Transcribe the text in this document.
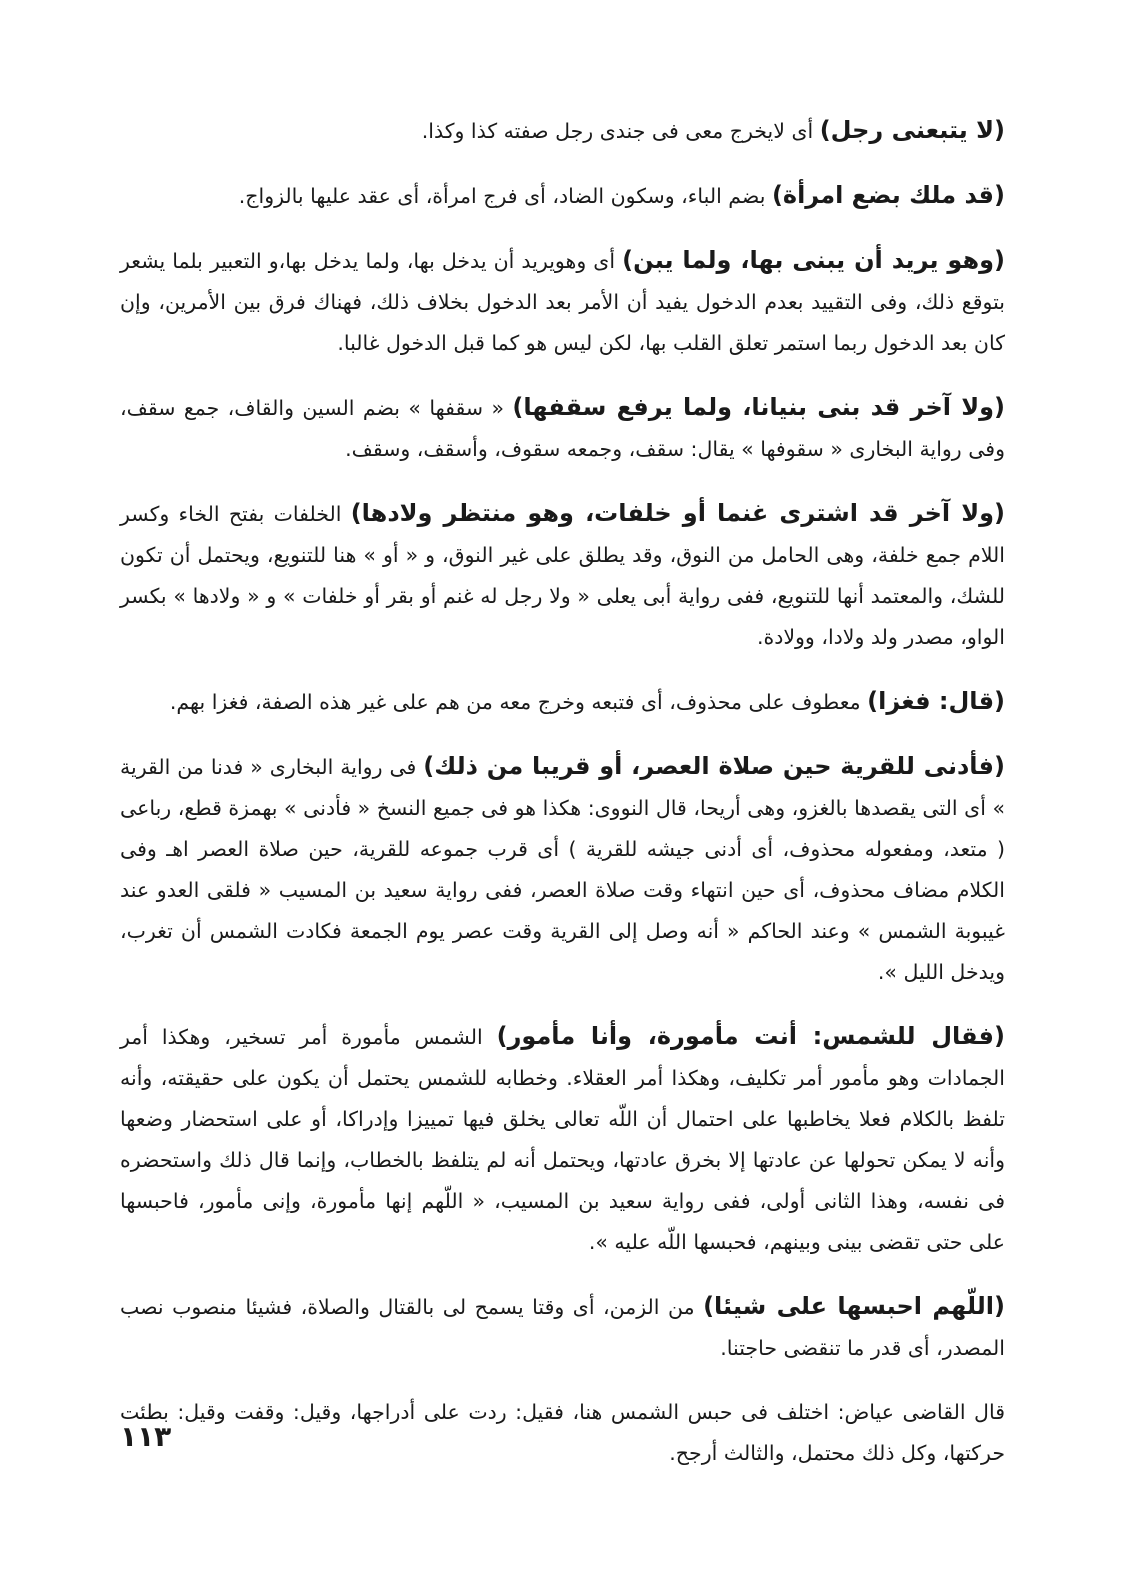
(لا يتبعنى رجل) أى لايخرج معى فى جندى رجل صفته كذا وكذا.

(قد ملك بضع امرأة) بضم الباء، وسكون الضاد، أى فرج امرأة، أى عقد عليها بالزواج.

(وهو يريد أن يبنى بها، ولما يبن) أى وهويريد أن يدخل بها، ولما يدخل بها،و التعبير بلما يشعر بتوقع ذلك، وفى التقييد بعدم الدخول يفيد أن الأمر بعد الدخول بخلاف ذلك، فهناك فرق بين الأمرين، وإن كان بعد الدخول ربما استمر تعلق القلب بها، لكن ليس هو كما قبل الدخول غالبا.

(ولا آخر قد بنى بنيانا، ولما يرفع سقفها) « سقفها » بضم السين والقاف، جمع سقف، وفى رواية البخارى « سقوفها » يقال: سقف، وجمعه سقوف، وأسقف، وسقف.

(ولا آخر قد اشترى غنما أو خلفات، وهو منتظر ولادها) الخلفات بفتح الخاء وكسر اللام جمع خلفة، وهى الحامل من النوق، وقد يطلق على غير النوق، و « أو » هنا للتنويع، ويحتمل أن تكون للشك، والمعتمد أنها للتنويع، ففى رواية أبى يعلى « ولا رجل له غنم أو بقر أو خلفات » و « ولادها » بكسر الواو، مصدر ولد ولادا، وولادة.

(قال: فغزا) معطوف على محذوف، أى فتبعه وخرج معه من هم على غير هذه الصفة، فغزا بهم.

(فأدنى للقرية حين صلاة العصر، أو قريبا من ذلك) فى رواية البخارى « فدنا من القرية » أى التى يقصدها بالغزو، وهى أريحا، قال النووى: هكذا هو فى جميع النسخ « فأدنى » بهمزة قطع، رباعى ( متعد، ومفعوله محذوف، أى أدنى جيشه للقرية ) أى قرب جموعه للقرية، حين صلاة العصر اهـ وفى الكلام مضاف محذوف، أى حين انتهاء وقت صلاة العصر، ففى رواية سعيد بن المسيب « فلقى العدو عند غيبوبة الشمس » وعند الحاكم « أنه وصل إلى القرية وقت عصر يوم الجمعة فكادت الشمس أن تغرب، ويدخل الليل ».

(فقال للشمس: أنت مأمورة، وأنا مأمور) الشمس مأمورة أمر تسخير، وهكذا أمر الجمادات وهو مأمور أمر تكليف، وهكذا أمر العقلاء. وخطابه للشمس يحتمل أن يكون على حقيقته، وأنه تلفظ بالكلام فعلا يخاطبها على احتمال أن اللّه تعالى يخلق فيها تمييزا وإدراكا، أو على استحضار وضعها وأنه لا يمكن تحولها عن عادتها إلا بخرق عادتها، ويحتمل أنه لم يتلفظ بالخطاب، وإنما قال ذلك واستحضره فى نفسه، وهذا الثانى أولى، ففى رواية سعيد بن المسيب، « اللّهم إنها مأمورة، وإنى مأمور، فاحبسها على حتى تقضى بينى وبينهم، فحبسها اللّه عليه ».

(اللّهم احبسها على شيئا) من الزمن، أى وقتا يسمح لى بالقتال والصلاة، فشيئا منصوب نصب المصدر، أى قدر ما تنقضى حاجتنا.

قال القاضى عياض: اختلف فى حبس الشمس هنا، فقيل: ردت على أدراجها، وقيل: وقفت وقيل: بطئت حركتها، وكل ذلك محتمل، والثالث أرجح.

١١٣
